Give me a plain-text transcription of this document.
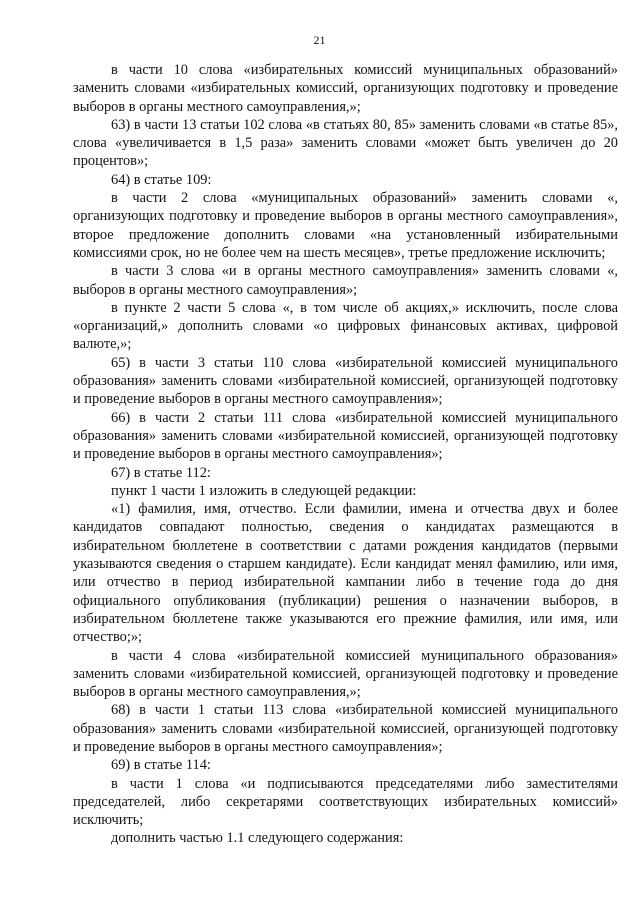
21

в части 10 слова «избирательных комиссий муниципальных образований» заменить словами «избирательных комиссий, организующих подготовку и проведение выборов в органы местного самоуправления,»;

63) в части 13 статьи 102 слова «в статьях 80, 85» заменить словами «в статье 85», слова «увеличивается в 1,5 раза» заменить словами «может быть увеличен до 20 процентов»;

64) в статье 109:

в части 2 слова «муниципальных образований» заменить словами «, организующих подготовку и проведение выборов в органы местного самоуправления», второе предложение дополнить словами «на установленный избирательными комиссиями срок, но не более чем на шесть месяцев», третье предложение исключить;

в части 3 слова «и в органы местного самоуправления» заменить словами «, выборов в органы местного самоуправления»;

в пункте 2 части 5 слова «, в том числе об акциях,» исключить, после слова «организаций,» дополнить словами «о цифровых финансовых активах, цифровой валюте,»;

65) в части 3 статьи 110 слова «избирательной комиссией муниципального образования» заменить словами «избирательной комиссией, организующей подготовку и проведение выборов в органы местного самоуправления»;

66) в части 2 статьи 111 слова «избирательной комиссией муниципального образования» заменить словами «избирательной комиссией, организующей подготовку и проведение выборов в органы местного самоуправления»;

67) в статье 112:

пункт 1 части 1 изложить в следующей редакции:

«1) фамилия, имя, отчество. Если фамилии, имена и отчества двух и более кандидатов совпадают полностью, сведения о кандидатах размещаются в избирательном бюллетене в соответствии с датами рождения кандидатов (первыми указываются сведения о старшем кандидате). Если кандидат менял фамилию, или имя, или отчество в период избирательной кампании либо в течение года до дня официального опубликования (публикации) решения о назначении выборов, в избирательном бюллетене также указываются его прежние фамилия, или имя, или отчество;»;

в части 4 слова «избирательной комиссией муниципального образования» заменить словами «избирательной комиссией, организующей подготовку и проведение выборов в органы местного самоуправления,»;

68) в части 1 статьи 113 слова «избирательной комиссией муниципального образования» заменить словами «избирательной комиссией, организующей подготовку и проведение выборов в органы местного самоуправления»;

69) в статье 114:

в части 1 слова «и подписываются председателями либо заместителями председателей, либо секретарями соответствующих избирательных комиссий» исключить;

дополнить частью 1.1 следующего содержания:
